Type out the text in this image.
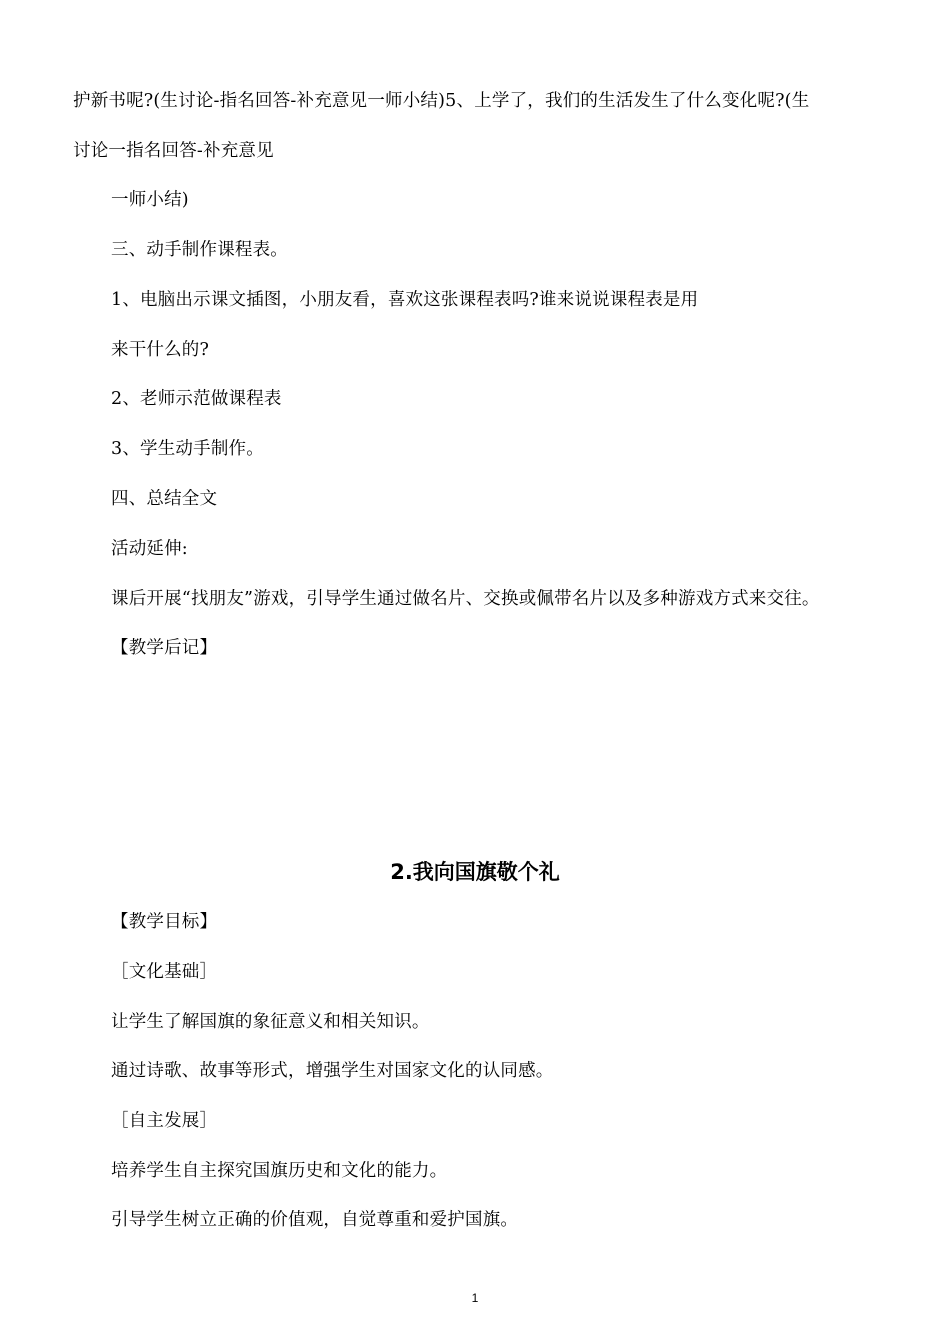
护新书呢?(生讨论-指名回答-补充意见一师小结)5、上学了，我们的生活发生了什么变化呢?(生
讨论一指名回答-补充意见
一师小结)
三、动手制作课程表。
1、电脑出示课文插图，小朋友看，喜欢这张课程表吗?谁来说说课程表是用
来干什么的?
2、老师示范做课程表
3、学生动手制作。
四、总结全文
活动延伸:
课后开展“找朋友”游戏，引导学生通过做名片、交换或佩带名片以及多种游戏方式来交往。
【教学后记】
2.我向国旗敬个礼
【教学目标】
［文化基础］
让学生了解国旗的象征意义和相关知识。
通过诗歌、故事等形式，增强学生对国家文化的认同感。
［自主发展］
培养学生自主探究国旗历史和文化的能力。
引导学生树立正确的价值观，自觉尊重和爱护国旗。
1
